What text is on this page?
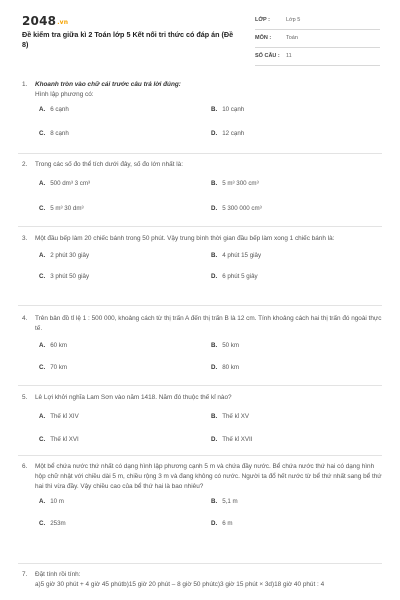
2048.vn
Đề kiểm tra giữa kì 2 Toán lớp 5 Kết nối tri thức có đáp án (Đề 8)
LỚP :	Lớp 5
MÔN :	Toán
SỐ CÂU : 11
1. Khoanh tròn vào chữ cái trước câu trả lời đúng:
Hình lập phương có:
A. 6 cạnh	B. 10 cạnh
C. 8 cạnh	D. 12 cạnh
2. Trong các số đo thể tích dưới đây, số đo lớn nhất là:
A. 500 dm³ 3 cm³	B. 5 m³ 300 cm³
C. 5 m³ 30 dm³	D. 5 300 000 cm³
3. Một đầu bếp làm 20 chiếc bánh trong 50 phút. Vậy trung bình thời gian đầu bếp làm xong 1 chiếc bánh là:
A. 2 phút 30 giây	B. 4 phút 15 giây
C. 3 phút 50 giây	D. 6 phút 5 giây
4. Trên bản đồ tỉ lệ 1 : 500 000, khoảng cách từ thị trấn A đến thị trấn B là 12 cm. Tính khoảng cách hai thị trấn đó ngoài thực tế.
A. 60 km	B. 50 km
C. 70 km	D. 80 km
5. Lê Lợi khởi nghĩa Lam Sơn vào năm 1418. Năm đó thuộc thế kỉ nào?
A. Thế kỉ XIV	B. Thế kỉ XV
C. Thế kỉ XVI	D. Thế kỉ XVII
6. Một bể chứa nước thứ nhất có dạng hình lập phương cạnh 5 m và chứa đầy nước. Bể chứa nước thứ hai có dạng hình hộp chữ nhật với chiều dài 5 m, chiều rộng 3 m và đang không có nước. Người ta đổ hết nước từ bể thứ nhất sang bể thứ hai thì vừa đầy. Vậy chiều cao của bể thứ hai là bao nhiêu?
A. 10 m	B. 5,1 m
C. 253m	D. 6 m
7. Đặt tính rồi tính:
a)5 giờ 30 phút + 4 giờ 45 phútb)15 giờ 20 phút – 8 giờ 50 phútc)3 giờ 15 phút × 3d)18 giờ 40 phút : 4
